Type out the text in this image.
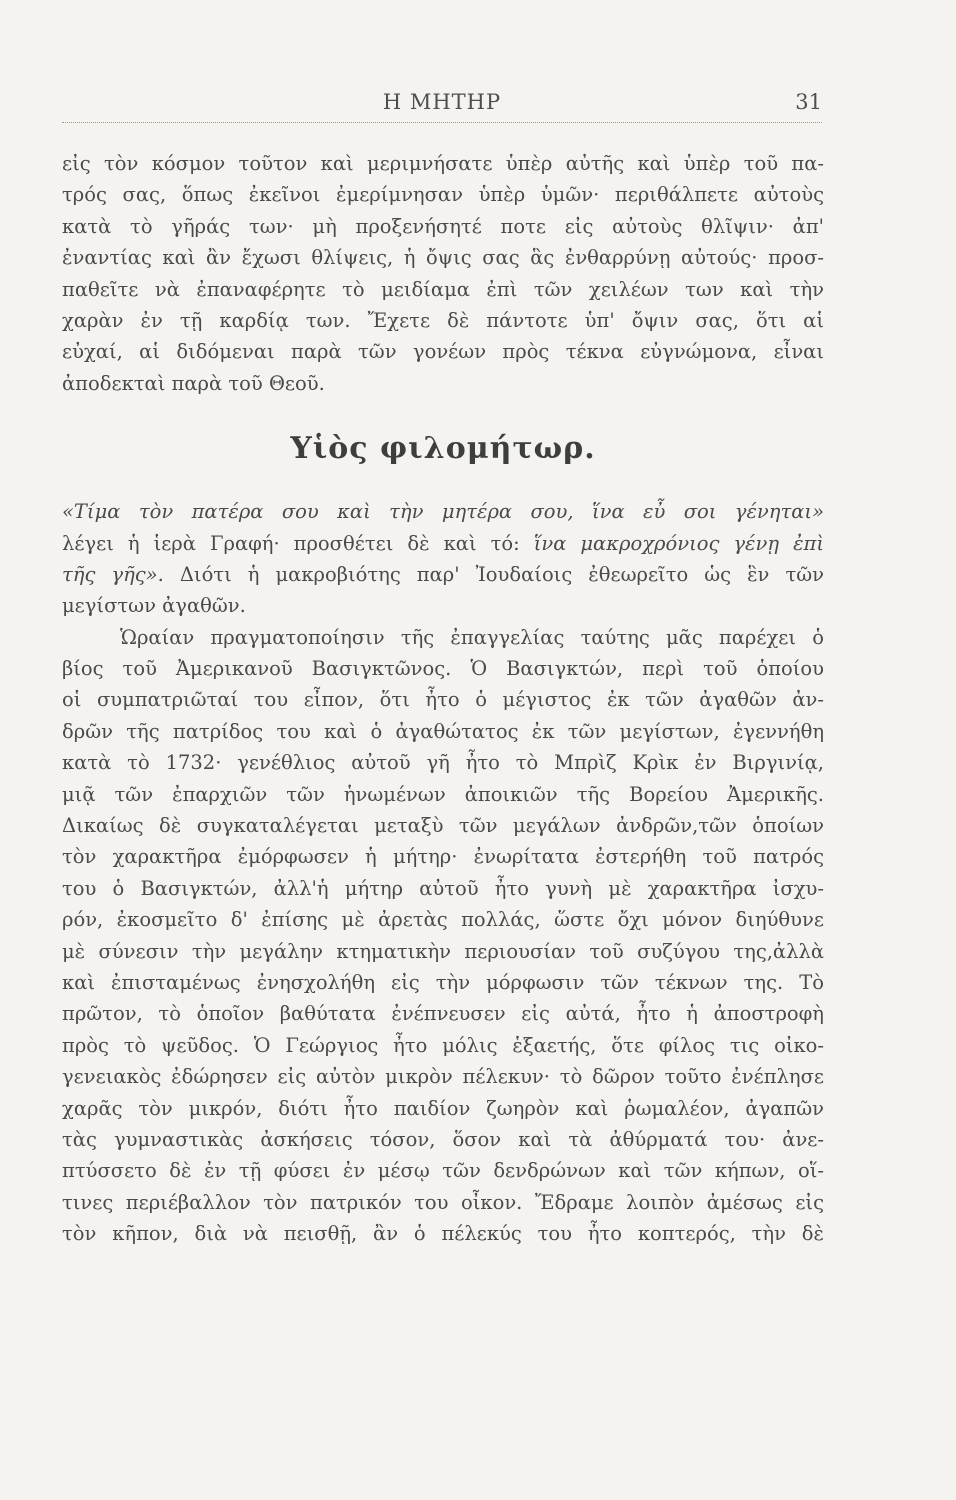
Η ΜΗΤΗΡ	31
εἰς τὸν κόσμον τοῦτον καὶ μεριμνήσατε ὑπὲρ αὐτῆς καὶ ὑπὲρ τοῦ πα-
τρός σας, ὅπως ἐκεῖνοι ἐμερίμνησαν ὑπὲρ ὑμῶν· περιθάλπετε αὐτοὺς
κατὰ τὸ γῆράς των· μὴ προξενήσητέ ποτε εἰς αὐτοὺς θλῖψιν· ἀπ'
ἐναντίας καὶ ἂν ἔχωσι θλίψεις, ἡ ὄψις σας ἃς ἐνθαρρύνῃ αὐτούς· προσ-
παθεῖτε νὰ ἐπαναφέρητε τὸ μειδίαμα ἐπὶ τῶν χειλέων των καὶ τὴν
χαρὰν ἐν τῇ καρδίᾳ των. Ἔχετε δὲ πάντοτε ὑπ' ὄψιν σας, ὅτι αἱ
εὐχαί, αἱ διδόμεναι παρὰ τῶν γονέων πρὸς τέκνα εὐγνώμονα, εἶναι
ἀποδεκταὶ παρὰ τοῦ Θεοῦ.
Υἱὸς φιλομήτωρ.
«Τίμα τὸν πατέρα σου καὶ τὴν μητέρα σου, ἵνα εὖ σοι γένηται»
λέγει ἡ ἱερὰ Γραφή· προσθέτει δὲ καὶ τό: ἵνα μακροχρόνιος γένῃ ἐπὶ
τῆς γῆς». Διότι ἡ μακροβιότης παρ' Ἰουδαίοις ἐθεωρεῖτο ὡς ἓν τῶν
μεγίστων ἀγαθῶν.
Ὡραίαν πραγματοποίησιν τῆς ἐπαγγελίας ταύτης μᾶς παρέχει ὁ
βίος τοῦ Ἀμερικανοῦ Βασιγκτῶνος. Ὁ Βασιγκτών, περὶ τοῦ ὁποίου
οἱ συμπατριῶταί του εἶπον, ὅτι ἦτο ὁ μέγιστος ἐκ τῶν ἀγαθῶν ἀν-
δρῶν τῆς πατρίδος του καὶ ὁ ἀγαθώτατος ἐκ τῶν μεγίστων, ἐγεννήθη
κατὰ τὸ 1732· γενέθλιος αὐτοῦ γῆ ἦτο τὸ Μπρὶζ Κρὶκ ἐν Βιργινίᾳ,
μιᾷ τῶν ἐπαρχιῶν τῶν ἡνωμένων ἀποικιῶν τῆς Βορείου Ἀμερικῆς.
Δικαίως δὲ συγκαταλέγεται μεταξὺ τῶν μεγάλων ἀνδρῶν,τῶν ὁποίων
τὸν χαρακτῆρα ἐμόρφωσεν ἡ μήτηρ· ἐνωρίτατα ἐστερήθη τοῦ πατρός
του ὁ Βασιγκτών, ἀλλ'ἡ μήτηρ αὐτοῦ ἦτο γυνὴ μὲ χαρακτῆρα ἰσχυ-
ρόν, ἐκοσμεῖτο δ' ἐπίσης μὲ ἀρετὰς πολλάς, ὥστε ὄχι μόνον διηύθυνε
μὲ σύνεσιν τὴν μεγάλην κτηματικὴν περιουσίαν τοῦ συζύγου της,ἀλλὰ
καὶ ἐπισταμένως ἐνησχολήθη εἰς τὴν μόρφωσιν τῶν τέκνων της. Τὸ
πρῶτον, τὸ ὁποῖον βαθύτατα ἐνέπνευσεν εἰς αὐτά, ἦτο ἡ ἀποστροφὴ
πρὸς τὸ ψεῦδος. Ὁ Γεώργιος ἦτο μόλις ἑξαετής, ὅτε φίλος τις οἰκο-
γενειακὸς ἐδώρησεν εἰς αὐτὸν μικρὸν πέλεκυν· τὸ δῶρον τοῦτο ἐνέπλησε
χαρᾶς τὸν μικρόν, διότι ἦτο παιδίον ζωηρὸν καὶ ῥωμαλέον, ἀγαπῶν
τὰς γυμναστικὰς ἀσκήσεις τόσον, ὅσον καὶ τὰ ἀθύρματά του· ἀνε-
πτύσσετο δὲ ἐν τῇ φύσει ἐν μέσῳ τῶν δενδρώνων καὶ τῶν κήπων, οἵ-
τινες περιέβαλλον τὸν πατρικόν του οἶκον. Ἔδραμε λοιπὸν ἀμέσως εἰς
τὸν κῆπον, διὰ νὰ πεισθῇ, ἂν ὁ πέλεκύς του ἦτο κοπτερός, τὴν δὲ
